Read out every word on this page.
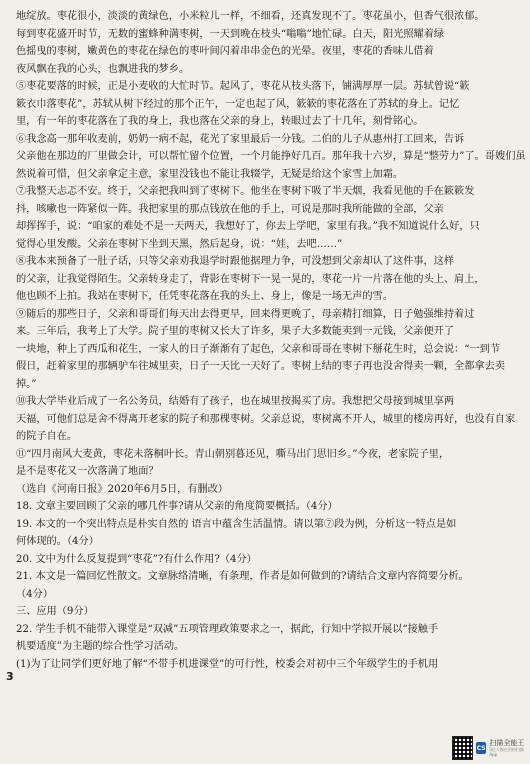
地绽放。枣花很小，淡淡的黄绿色，小米粒儿一样，不细看，还真发现不了。枣花虽小，但香气很浓郁。

每到枣花盛开时节，无数的蜜蜂种满枣树，一天到晚在枝头“嗡嗡”地忙碌。白天，阳光照耀着绿

色摇曳的枣树，嫩黄色的枣花在绿色的枣叶间闪着串串金色的光晕。夜里，枣花的香味儿借着

夜风飘在我的心头，也飘进我的梦乡。

⑤枣花要落的时候，正是小麦收的大忙时节。起风了，枣花从枝头落下，铺满厚厚一层。苏轼曾说“簌

簌衣巾落枣花”，苏轼从树下经过的那个正午，一定也起了风，簌簌的枣花落在了苏轼的身上。记忆

里，有一年的枣花落在了我的身上，我也落在父亲的身上，转眼过去了十几年，刻骨铭心。

⑥我念高一那年收麦前，奶奶一病不起，花光了家里最后一分钱。二伯的儿子从惠州打工回来，告诉

父亲他在那边的厂里做会计，可以帮忙留个位置，一个月能挣好几百。那年我十六岁，算是“整劳力”了。哥嫂们虽

然说着可惜，但父亲拿定主意，家里没钱也不能让我辍学，无疑是给这个家雪上加霜。

⑦我整天忐忑不安。终于，父亲把我叫到了枣树下。他坐在枣树下吸了半天烟，我看见他的手在簌簌发

抖，咳嗽也一阵紧似一阵。我把家里的那点钱放在他的手上，可说是那时我所能做的全部，父亲

却挥挥手，说：“咱家的难处不是一天两天，我想好了，你去上学吧，家里有我。”我不知道说什么好，只

觉得心里发酸。父亲在枣树下坐到天黑，然后起身，说：“娃，去吧……”

⑧我本来预备了一肚子话，只等父亲劝我退学时跟他据理力争，可没想到父亲却认了这件事，这样

的父亲，让我觉得陌生。父亲转身走了，背影在枣树下一晃一晃的，枣花一片一片落在他的头上、肩上，

他也顾不上拍。我站在枣树下，任凭枣花落在我的头上、身上，像是一场无声的雪。

⑨随后的那些日子，父亲和哥哥们每天出去得更早，回来得更晚了，母亲精打细算，日子勉强维持着过

来。三年后，我考上了大学。院子里的枣树又长大了许多，果子大多数能卖到一元钱，父亲便开了

一块地，种上了西瓜和花生，一家人的日子渐渐有了起色，父亲和哥哥在枣树下掰花生时，总会说：“一到节

假日，赶着家里的那辆驴车往城里卖，日子一天比一天好了。枣树上结的枣子再也没舍得卖一颗，全都拿去卖

掉。”

⑩我大学毕业后成了一名公务员，结婚有了孩子，也在城里按揭买了房。我想把父母接到城里享两

天福，可他们总是舍不得离开老家的院子和那棵枣树。父亲总说，枣树离不开人，城里的楼房再好，也没有自家

的院子自在。

⑪“四月南风大麦黄，枣花未落桐叶长。青山朝别暮还见，嘶马出门思旧乡。”今夜，老家院子里，

是不是枣花又一次落满了地面？

（选自《河南日报》2020年6月5日，有删改）

18. 文章主要回顾了父亲的哪几件事?请从父亲的角度简要概括。（4分）

19. 本文的一个突出特点是朴实自然的 语言中蕴含生活温情。请以第⑦段为例，分析这一特点是如

何体现的。（4分）

20. 文中为什么反复提到“枣花”?有什么作用?（4分）

21. 本文是一篇回忆性散文。文章脉络清晰，有条理，作者是如何做到的?请结合文章内容简要分析。

（4分）

三、应用（9分）

22. 学生手机不能带入课堂是“双减”五项管理政策要求之一，据此，行知中学拟开展以“接触手

机要适度”为主题的综合性学习活动。

(1)为了让同学们更好地了解“不带手机进课堂”的可行性，校委会对初中三个年级学生的手机用

3
CS
扫描全能王
3亿人都在用的扫描App
